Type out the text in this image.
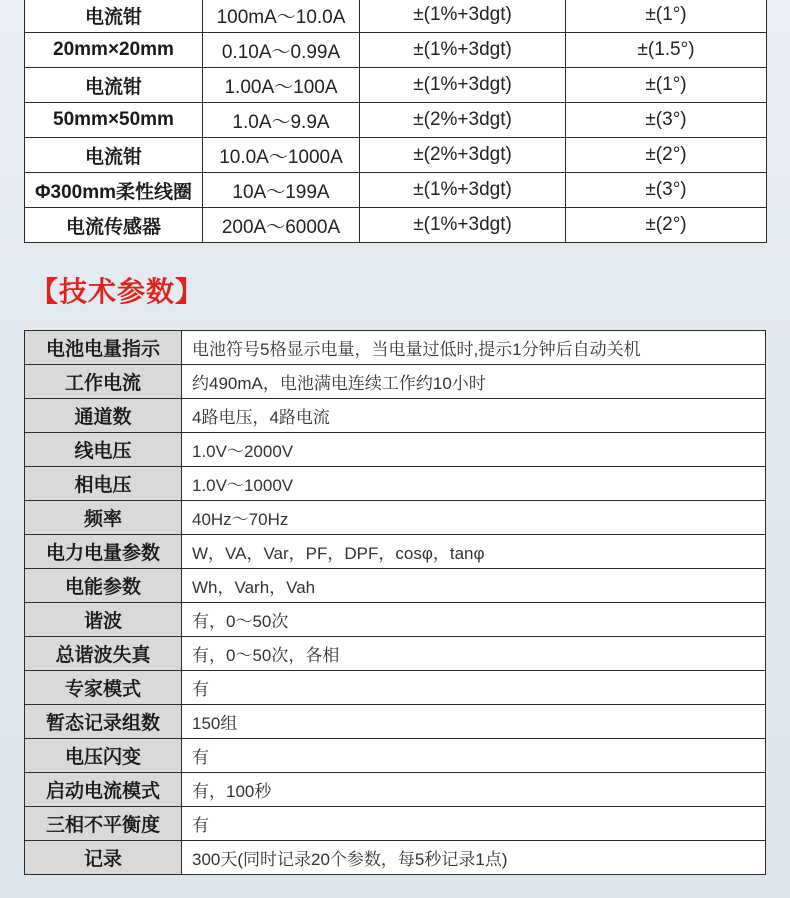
电流钳	100mA～10.0A	±(1%+3dgt)	±(1°)
20mm×20mm	0.10A～0.99A	±(1%+3dgt)	±(1.5°)
电流钳	1.00A～100A	±(1%+3dgt)	±(1°)
50mm×50mm	1.0A～9.9A	±(2%+3dgt)	±(3°)
电流钳	10.0A～1000A	±(2%+3dgt)	±(2°)
Φ300mm柔性线圈	10A～199A	±(1%+3dgt)	±(3°)
电流传感器	200A～6000A	±(1%+3dgt)	±(2°)
【技术参数】
电池电量指示	电池符号5格显示电量，当电量过低时,提示1分钟后自动关机
工作电流	约490mA，电池满电连续工作约10小时
通道数	4路电压，4路电流
线电压	1.0V～2000V
相电压	1.0V～1000V
频率	40Hz～70Hz
电力电量参数	W，VA，Var，PF，DPF，cosφ，tanφ
电能参数	Wh，Varh，Vah
谐波	有，0～50次
总谐波失真	有，0～50次，各相
专家模式	有
暂态记录组数	150组
电压闪变	有
启动电流模式	有，100秒
三相不平衡度	有
记录	300天(同时记录20个参数，每5秒记录1点)
